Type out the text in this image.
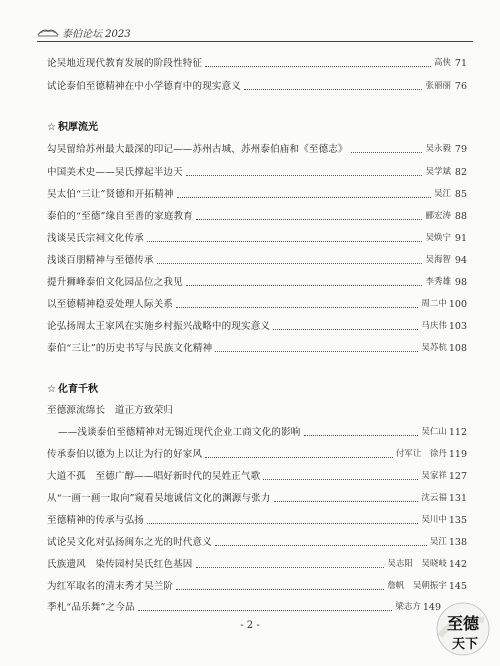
泰伯论坛 2023
论吴地近现代教育发展的阶段性特征	高侠 71
试论泰伯至德精神在中小学德育中的现实意义	张丽丽 76
☆ 积厚流光
勾吴留给苏州最大最深的印记——苏州古城、苏州泰伯庙和《至德志》	吴永毅 79
中国美术史——吴氏撑起半边天	吴学斌 82
吴太伯“三让”贤德和开拓精神	吴江 85
泰伯的“至德”缘自至善的家庭教育	郦宏涛 88
浅谈吴氏宗祠文化传承	吴焕宁 91
浅谈百朋精神与至德传承	吴海智 94
提升狮峰泰伯文化园品位之我见	李秀雄 98
以至德精神稳妥处理人际关系	周二中 100
论弘扬周太王家风在实施乡村振兴战略中的现实意义	马庆伟 103
泰伯“三让”的历史书写与民族文化精神	吴苏杭 108
☆ 化育千秋
至德源流绵长　道正方致荣归
——浅谈泰伯至德精神对无锡近现代企业工商文化的影响	吴仁山 112
传承泰伯以德为上以让为行的好家风	付军让　徐丹 119
大道不孤　至德广醇——唱好新时代的吴姓正气歌	吴家祥 127
从“一画一画一取向”窥看吴地诚信文化的渊源与张力	沈云福 131
至德精神的传承与弘扬	吴川中 135
试论吴文化对弘扬闽东之光的时代意义	吴江 138
氏族遗风　染传园村吴氏红色基因	吴志阳　吴晓岐 142
为红军取名的清末秀才吴兰阶	詹帆　吴朝振宇 145
季札“品乐舞”之今品	梁志方 149
- 2 -	至德
天下
